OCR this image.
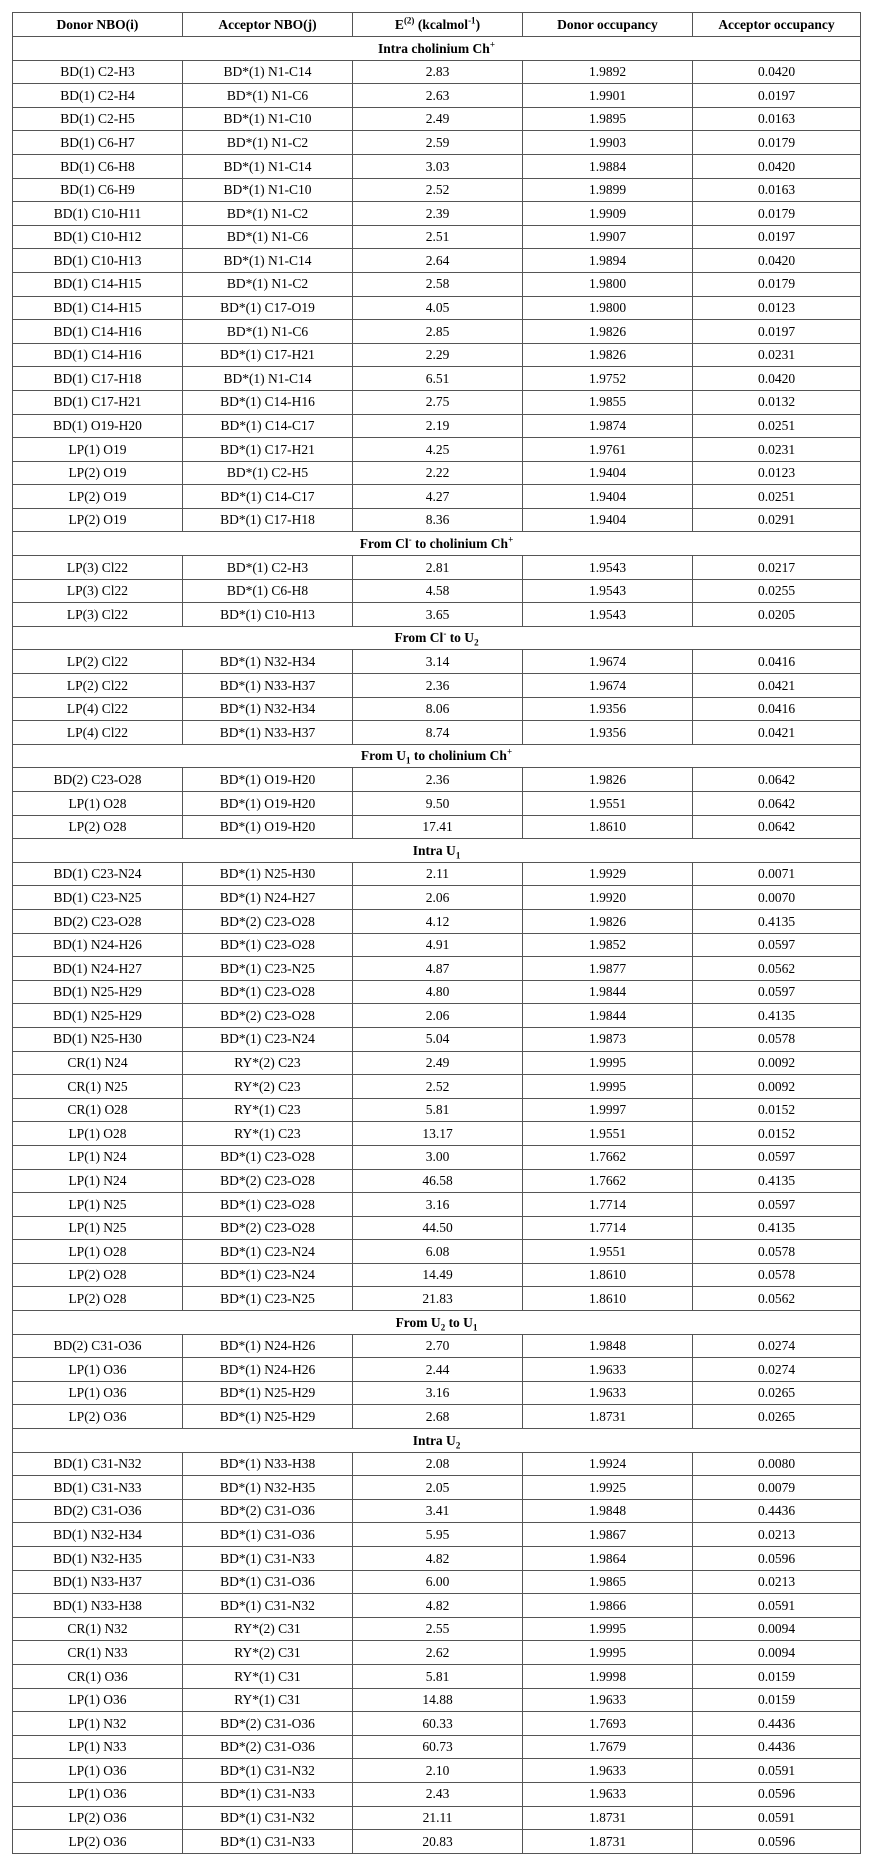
Donor NBO(i)	Acceptor NBO(j)	$E^{(2)}$ (kcalmol$^{-1}$)	Donor occupancy	Acceptor occupancy
Intra cholinium Ch+
BD(1) C2-H3	BD*(1) N1-C14	2.83	1.9892	0.0420
BD(1) C2-H4	BD*(1) N1-C6	2.63	1.9901	0.0197
BD(1) C2-H5	BD*(1) N1-C10	2.49	1.9895	0.0163
BD(1) C6-H7	BD*(1) N1-C2	2.59	1.9903	0.0179
BD(1) C6-H8	BD*(1) N1-C14	3.03	1.9884	0.0420
BD(1) C6-H9	BD*(1) N1-C10	2.52	1.9899	0.0163
BD(1) C10-H11	BD*(1) N1-C2	2.39	1.9909	0.0179
BD(1) C10-H12	BD*(1) N1-C6	2.51	1.9907	0.0197
BD(1) C10-H13	BD*(1) N1-C14	2.64	1.9894	0.0420
BD(1) C14-H15	BD*(1) N1-C2	2.58	1.9800	0.0179
BD(1) C14-H15	BD*(1) C17-O19	4.05	1.9800	0.0123
BD(1) C14-H16	BD*(1) N1-C6	2.85	1.9826	0.0197
BD(1) C14-H16	BD*(1) C17-H21	2.29	1.9826	0.0231
BD(1) C17-H18	BD*(1) N1-C14	6.51	1.9752	0.0420
BD(1) C17-H21	BD*(1) C14-H16	2.75	1.9855	0.0132
BD(1) O19-H20	BD*(1) C14-C17	2.19	1.9874	0.0251
LP(1) O19	BD*(1) C17-H21	4.25	1.9761	0.0231
LP(2) O19	BD*(1) C2-H5	2.22	1.9404	0.0123
LP(2) O19	BD*(1) C14-C17	4.27	1.9404	0.0251
LP(2) O19	BD*(1) C17-H18	8.36	1.9404	0.0291
From Cl- to cholinium Ch+
LP(3) Cl22	BD*(1) C2-H3	2.81	1.9543	0.0217
LP(3) Cl22	BD*(1) C6-H8	4.58	1.9543	0.0255
LP(3) Cl22	BD*(1) C10-H13	3.65	1.9543	0.0205
From Cl- to $U_2$
LP(2) Cl22	BD*(1) N32-H34	3.14	1.9674	0.0416
LP(2) Cl22	BD*(1) N33-H37	2.36	1.9674	0.0421
LP(4) Cl22	BD*(1) N32-H34	8.06	1.9356	0.0416
LP(4) Cl22	BD*(1) N33-H37	8.74	1.9356	0.0421
From $U_1$ to cholinium Ch+
BD(2) C23-O28	BD*(1) O19-H20	2.36	1.9826	0.0642
LP(1) O28	BD*(1) O19-H20	9.50	1.9551	0.0642
LP(2) O28	BD*(1) O19-H20	17.41	1.8610	0.0642
Intra $U_1$
BD(1) C23-N24	BD*(1) N25-H30	2.11	1.9929	0.0071
BD(1) C23-N25	BD*(1) N24-H27	2.06	1.9920	0.0070
BD(2) C23-O28	BD*(2) C23-O28	4.12	1.9826	0.4135
BD(1) N24-H26	BD*(1) C23-O28	4.91	1.9852	0.0597
BD(1) N24-H27	BD*(1) C23-N25	4.87	1.9877	0.0562
BD(1) N25-H29	BD*(1) C23-O28	4.80	1.9844	0.0597
BD(1) N25-H29	BD*(2) C23-O28	2.06	1.9844	0.4135
BD(1) N25-H30	BD*(1) C23-N24	5.04	1.9873	0.0578
CR(1) N24	RY*(2) C23	2.49	1.9995	0.0092
CR(1) N25	RY*(2) C23	2.52	1.9995	0.0092
CR(1) O28	RY*(1) C23	5.81	1.9997	0.0152
LP(1) O28	RY*(1) C23	13.17	1.9551	0.0152
LP(1) N24	BD*(1) C23-O28	3.00	1.7662	0.0597
LP(1) N24	BD*(2) C23-O28	46.58	1.7662	0.4135
LP(1) N25	BD*(1) C23-O28	3.16	1.7714	0.0597
LP(1) N25	BD*(2) C23-O28	44.50	1.7714	0.4135
LP(1) O28	BD*(1) C23-N24	6.08	1.9551	0.0578
LP(2) O28	BD*(1) C23-N24	14.49	1.8610	0.0578
LP(2) O28	BD*(1) C23-N25	21.83	1.8610	0.0562
From $U_2$ to $U_1$
BD(2) C31-O36	BD*(1) N24-H26	2.70	1.9848	0.0274
LP(1) O36	BD*(1) N24-H26	2.44	1.9633	0.0274
LP(1) O36	BD*(1) N25-H29	3.16	1.9633	0.0265
LP(2) O36	BD*(1) N25-H29	2.68	1.8731	0.0265
Intra $U_2$
BD(1) C31-N32	BD*(1) N33-H38	2.08	1.9924	0.0080
BD(1) C31-N33	BD*(1) N32-H35	2.05	1.9925	0.0079
BD(2) C31-O36	BD*(2) C31-O36	3.41	1.9848	0.4436
BD(1) N32-H34	BD*(1) C31-O36	5.95	1.9867	0.0213
BD(1) N32-H35	BD*(1) C31-N33	4.82	1.9864	0.0596
BD(1) N33-H37	BD*(1) C31-O36	6.00	1.9865	0.0213
BD(1) N33-H38	BD*(1) C31-N32	4.82	1.9866	0.0591
CR(1) N32	RY*(2) C31	2.55	1.9995	0.0094
CR(1) N33	RY*(2) C31	2.62	1.9995	0.0094
CR(1) O36	RY*(1) C31	5.81	1.9998	0.0159
LP(1) O36	RY*(1) C31	14.88	1.9633	0.0159
LP(1) N32	BD*(2) C31-O36	60.33	1.7693	0.4436
LP(1) N33	BD*(2) C31-O36	60.73	1.7679	0.4436
LP(1) O36	BD*(1) C31-N32	2.10	1.9633	0.0591
LP(1) O36	BD*(1) C31-N33	2.43	1.9633	0.0596
LP(2) O36	BD*(1) C31-N32	21.11	1.8731	0.0591
LP(2) O36	BD*(1) C31-N33	20.83	1.8731	0.0596
